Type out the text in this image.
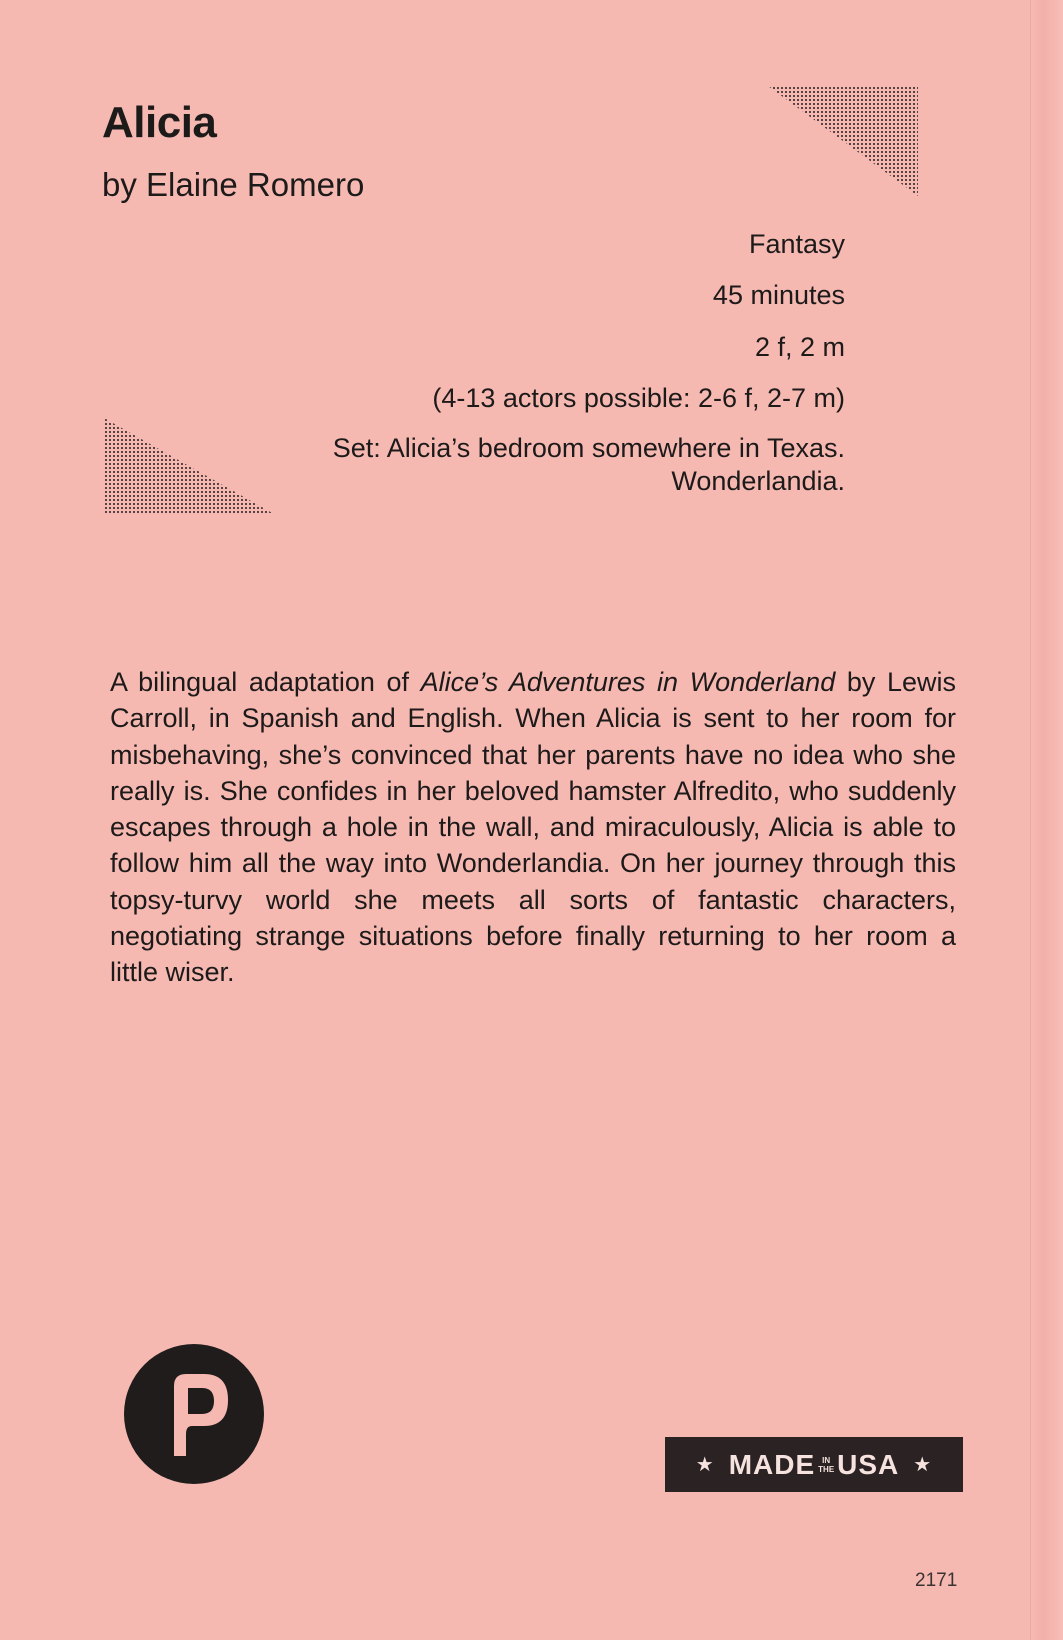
Alicia
by Elaine Romero
Fantasy
45 minutes
2 f, 2 m
(4-13 actors possible: 2-6 f, 2-7 m)
Set: Alicia’s bedroom somewhere in Texas.
Wonderlandia.
A bilingual adaptation of Alice’s Adventures in Wonderland by Lewis Carroll, in Spanish and English. When Alicia is sent to her room for misbehaving, she’s convinced that her parents have no idea who she really is. She confides in her beloved hamster Alfredito, who suddenly escapes through a hole in the wall, and miraculously, Alicia is able to follow him all the way into Wonderlandia. On her journey through this topsy-turvy world she meets all sorts of fantastic characters, negotiating strange situations before finally returning to her room a little wiser.
★ MADE IN
THE USA ★
2171
